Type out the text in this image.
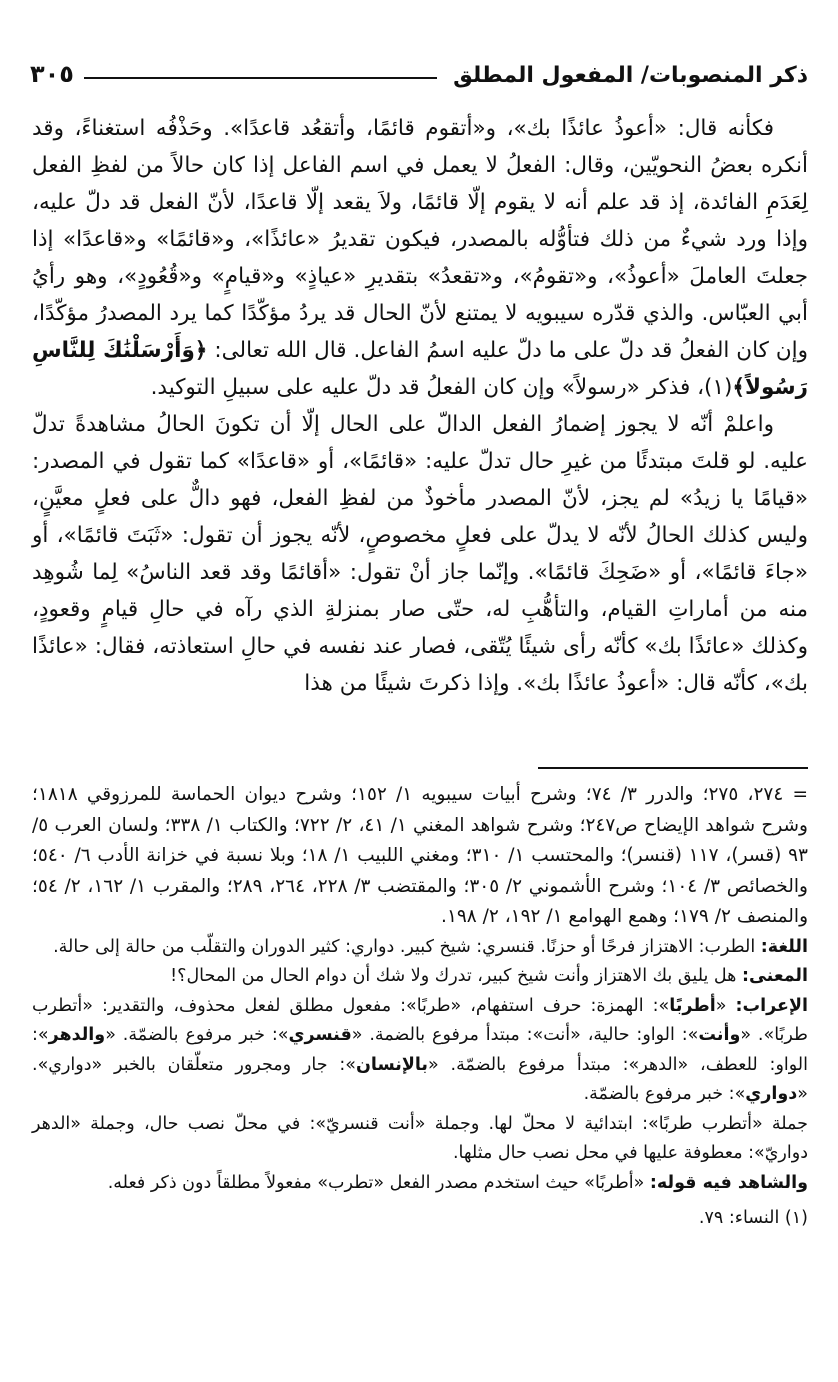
ذكر المنصوبات/ المفعول المطلق
٣٠٥

فكأنه قال: «أعوذُ عائذًا بك»، و«أتقوم قائمًا، وأتقعُد قاعدًا». وحَذْفُه استغناءً، وقد أنكره بعضُ النحويّين، وقال: الفعلُ لا يعمل في اسم الفاعل إذا كان حالاً من لفظِ الفعل لِعَدَمِ الفائدة، إذ قد علم أنه لا يقوم إلّا قائمًا، ولاَ يقعد إلّا قاعدًا، لأنّ الفعل قد دلّ عليه، وإذا ورد شيءٌ من ذلك فتأوُّله بالمصدر، فيكون تقديرُ «عائذًا»، و«قائمًا» و«قاعدًا» إذا جعلتَ العاملَ «أعوذُ»، و«تقومُ»، و«تقعدُ» بتقديرِ «عياذٍ» و«قيامٍ» و«قُعُودٍ»، وهو رأيُ أبي العبّاس. والذي قدّره سيبويه لا يمتنع لأنّ الحال قد يردُ مؤكّدًا كما يرد المصدرُ مؤكّدًا، وإن كان الفعلُ قد دلّ على ما دلّ عليه اسمُ الفاعل. قال الله تعالى: ﴿وَأَرْسَلْنَٰكَ لِلنَّاسِ رَسُولاً﴾(١)، فذكر «رسولاً» وإن كان الفعلُ قد دلّ عليه على سبيلِ التوكيد.

واعلمْ أنّه لا يجوز إضمارُ الفعل الدالّ على الحال إلّا أن تكونَ الحالُ مشاهدةً تدلّ عليه. لو قلتَ مبتدئًا من غيرِ حال تدلّ عليه: «قائمًا»، أو «قاعدًا» كما تقول في المصدر: «قيامًا يا زيدُ» لم يجز، لأنّ المصدر مأخوذٌ من لفظِ الفعل، فهو دالٌّ على فعلٍ معيَّنٍ، وليس كذلك الحالُ لأنّه لا يدلّ على فعلٍ مخصوصٍ، لأنّه يجوز أن تقول: «ثَبَتَ قائمًا»، أو «جاءَ قائمًا»، أو «ضَحِكَ قائمًا». وإنّما جاز أنْ تقول: «أقائمًا وقد قعد الناسُ» لِما شُوهِد منه من أماراتِ القيام، والتأهُّبِ له، حتّى صار بمنزلةِ الذي رآه في حالِ قيامٍ وقعودٍ، وكذلك «عائذًا بك» كأنّه رأى شيئًا يُتّقى، فصار عند نفسه في حالِ استعاذته، فقال: «عائذًا بك»، كأنّه قال: «أعوذُ عائذًا بك». وإذا ذكرتَ شيئًا من هذا

= ٢٧٤، ٢٧٥؛ والدرر ٣/ ٧٤؛ وشرح أبيات سيبويه ١/ ١٥٢؛ وشرح ديوان الحماسة للمرزوقي ١٨١٨؛ وشرح شواهد الإيضاح ص٢٤٧؛ وشرح شواهد المغني ١/ ٤١، ٢/ ٧٢٢؛ والكتاب ١/ ٣٣٨؛ ولسان العرب ٥/ ٩٣ (قسر)، ١١٧ (قنسر)؛ والمحتسب ١/ ٣١٠؛ ومغني اللبيب ١/ ١٨؛ وبلا نسبة في خزانة الأدب ٦/ ٥٤٠؛ والخصائص ٣/ ١٠٤؛ وشرح الأشموني ٢/ ٣٠٥؛ والمقتضب ٣/ ٢٢٨، ٢٦٤، ٢٨٩؛ والمقرب ١/ ١٦٢، ٢/ ٥٤؛ والمنصف ٢/ ١٧٩؛ وهمع الهوامع ١/ ١٩٢، ٢/ ١٩٨.

اللغة: الطرب: الاهتزاز فرحًا أو حزنًا. قنسري: شيخ كبير. دواري: كثير الدوران والتقلّب من حالة إلى حالة.

المعنى: هل يليق بك الاهتزاز وأنت شيخ كبير، تدرك ولا شك أن دوام الحال من المحال؟!

الإعراب: «أطربًا»: الهمزة: حرف استفهام، «طربًا»: مفعول مطلق لفعل محذوف، والتقدير: «أتطرب طربًا». «وأنت»: الواو: حالية، «أنت»: مبتدأ مرفوع بالضمة. «قنسري»: خبر مرفوع بالضمّة. «والدهر»: الواو: للعطف، «الدهر»: مبتدأ مرفوع بالضمّة. «بالإنسان»: جار ومجرور متعلّقان بالخبر «دواري». «دواري»: خبر مرفوع بالضمّة.

جملة «أتطرب طربًا»: ابتدائية لا محلّ لها. وجملة «أنت قنسريّ»: في محلّ نصب حال، وجملة «الدهر دواريّ»: معطوفة عليها في محل نصب حال مثلها.

والشاهد فيه قوله: «أطربًا» حيث استخدم مصدر الفعل «تطرب» مفعولاً مطلقاً دون ذكر فعله.

(١) النساء: ٧٩.
